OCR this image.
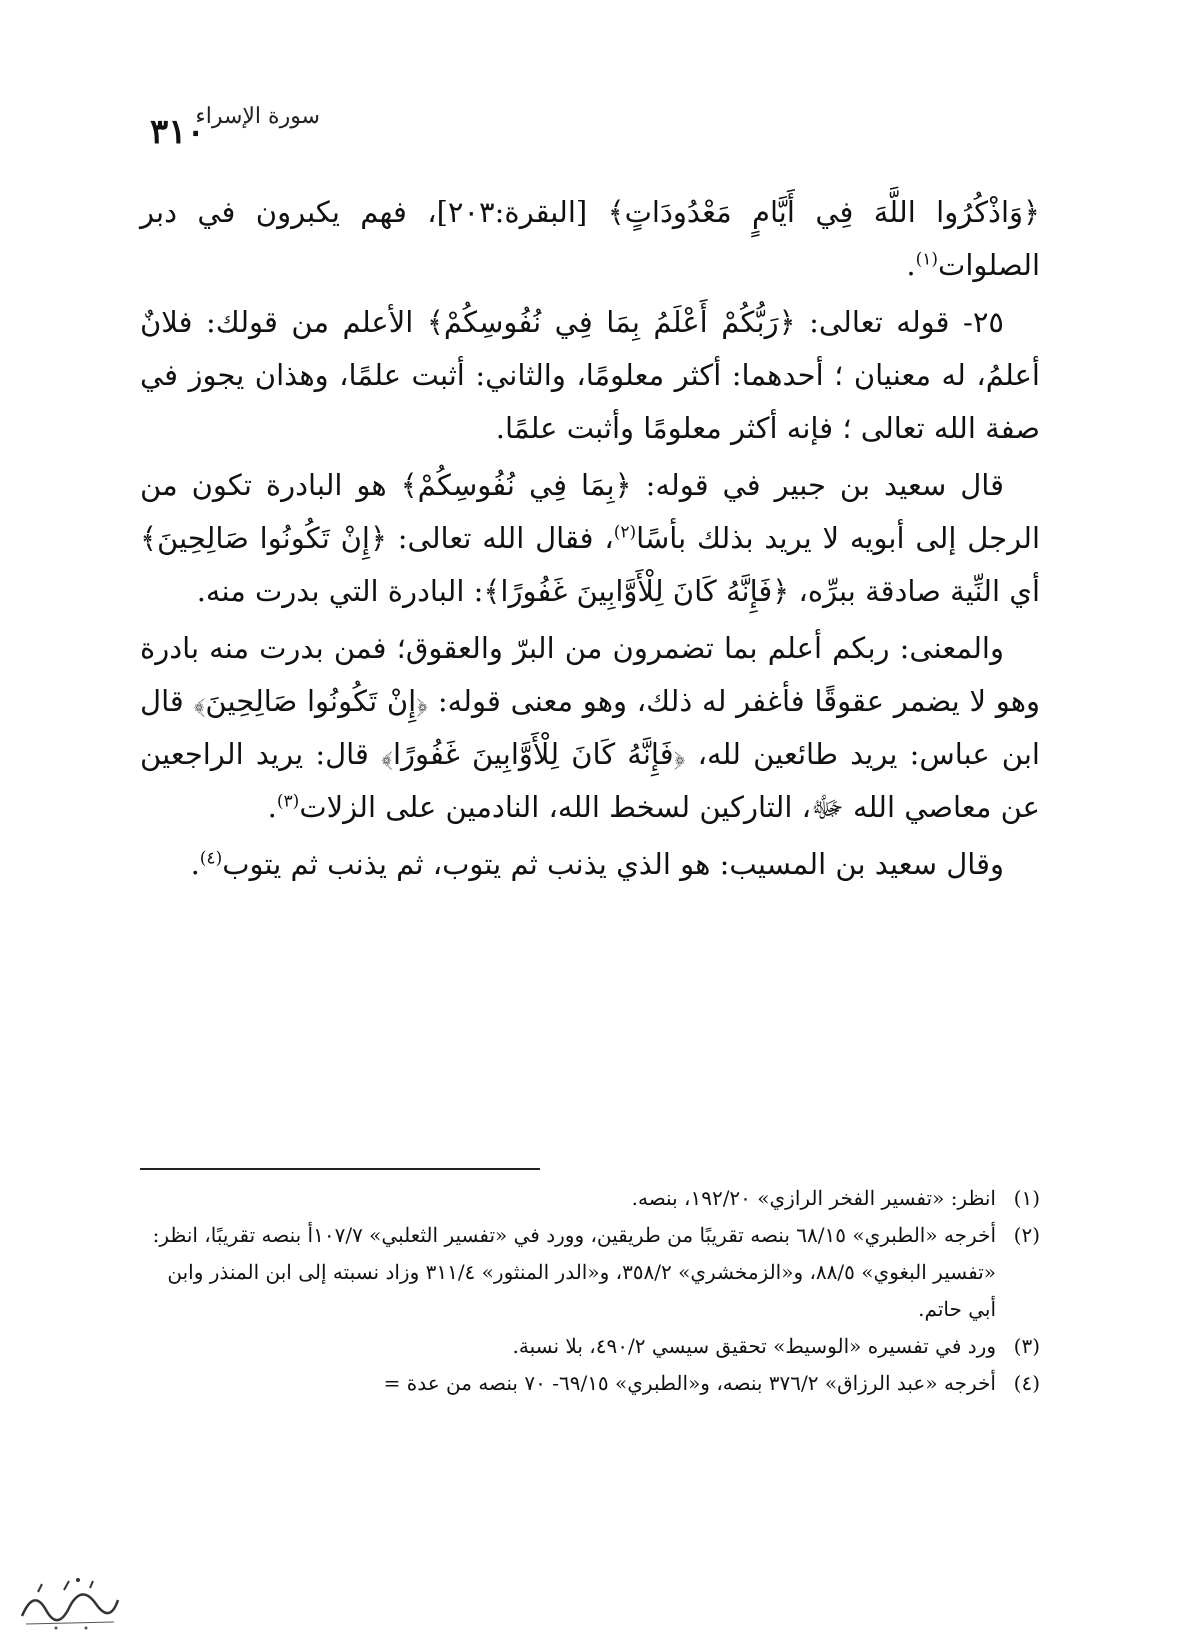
سورة الإسراء
٣١٠

﴿وَاذْكُرُوا اللَّهَ فِي أَيَّامٍ مَعْدُودَاتٍ﴾ [البقرة:٢٠٣]، فهم يكبرون في دبر الصلوات$^{(١)}$.

٢٥- قوله تعالى: ﴿رَبُّكُمْ أَعْلَمُ بِمَا فِي نُفُوسِكُمْ﴾ الأعلم من قولك: فلانٌ أعلمُ، له معنيان ؛ أحدهما: أكثر معلومًا، والثاني: أثبت علمًا، وهذان يجوز في صفة الله تعالى ؛ فإنه أكثر معلومًا وأثبت علمًا.

قال سعيد بن جبير في قوله: ﴿بِمَا فِي نُفُوسِكُمْ﴾ هو البادرة تكون من الرجل إلى أبويه لا يريد بذلك بأسًا$^{(٢)}$، فقال الله تعالى: ﴿إِنْ تَكُونُوا صَالِحِينَ﴾ أي النِّية صادقة ببرِّه، ﴿فَإِنَّهُ كَانَ لِلْأَوَّابِينَ غَفُورًا﴾: البادرة التي بدرت منه.

والمعنى: ربكم أعلم بما تضمرون من البرّ والعقوق؛ فمن بدرت منه بادرة وهو لا يضمر عقوقًا فأغفر له ذلك، وهو معنى قوله: ﴿إِنْ تَكُونُوا صَالِحِينَ﴾ قال ابن عباس: يريد طائعين لله، ﴿فَإِنَّهُ كَانَ لِلْأَوَّابِينَ غَفُورًا﴾ قال: يريد الراجعين عن معاصي الله ﷻ، التاركين لسخط الله، النادمين على الزلات$^{(٣)}$.

وقال سعيد بن المسيب: هو الذي يذنب ثم يتوب، ثم يذنب ثم يتوب$^{(٤)}$.

(١)
انظر: «تفسير الفخر الرازي» ١٩٢/٢٠، بنصه.

(٢)
أخرجه «الطبري» ٦٨/١٥ بنصه تقريبًا من طريقين، وورد في «تفسير الثعلبي» ١٠٧/٧أ بنصه تقريبًا، انظر: «تفسير البغوي» ٨٨/٥، و«الزمخشري» ٣٥٨/٢، و«الدر المنثور» ٣١١/٤ وزاد نسبته إلى ابن المنذر وابن أبي حاتم.

(٣)
ورد في تفسيره «الوسيط» تحقيق سيسي ٤٩٠/٢، بلا نسبة.

(٤)
أخرجه «عبد الرزاق» ٣٧٦/٢ بنصه، و«الطبري» ٦٩/١٥- ٧٠ بنصه من عدة =
